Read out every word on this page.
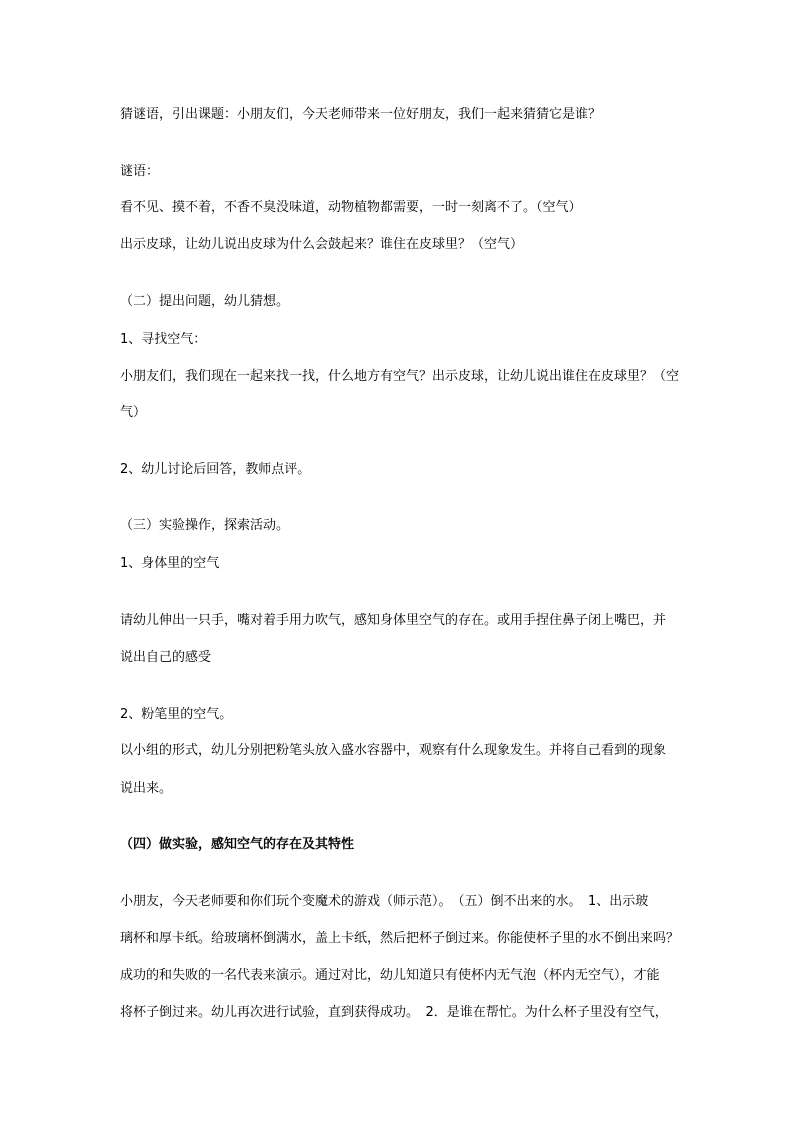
猜谜语，引出课题：小朋友们，今天老师带来一位好朋友，我们一起来猜猜它是谁？
谜语：
看不见、摸不着，不香不臭没味道，动物植物都需要，一时一刻离不了。（空气）
出示皮球，让幼儿说出皮球为什么会鼓起来？谁住在皮球里？（空气）
（二）提出问题，幼儿猜想。
1、寻找空气：
小朋友们，我们现在一起来找一找，什么地方有空气？出示皮球，让幼儿说出谁住在皮球里？（空
气）
2、幼儿讨论后回答，教师点评。
（三）实验操作，探索活动。
1、身体里的空气
请幼儿伸出一只手，嘴对着手用力吹气，感知身体里空气的存在。或用手捏住鼻子闭上嘴巴，并
说出自己的感受
2、粉笔里的空气。
以小组的形式，幼儿分别把粉笔头放入盛水容器中，观察有什么现象发生。并将自己看到的现象
说出来。
（四）做实验，感知空气的存在及其特性
小朋友，今天老师要和你们玩个变魔术的游戏（师示范）。　（五）倒不出来的水。　1、出示玻
璃杯和厚卡纸。给玻璃杯倒满水，盖上卡纸，然后把杯子倒过来。你能使杯子里的水不倒出来吗？
成功的和失败的一名代表来演示。通过对比，幼儿知道只有使杯内无气泡（杯内无空气），才能
将杯子倒过来。幼儿再次进行试验，直到获得成功。　2．是谁在帮忙。为什么杯子里没有空气，
